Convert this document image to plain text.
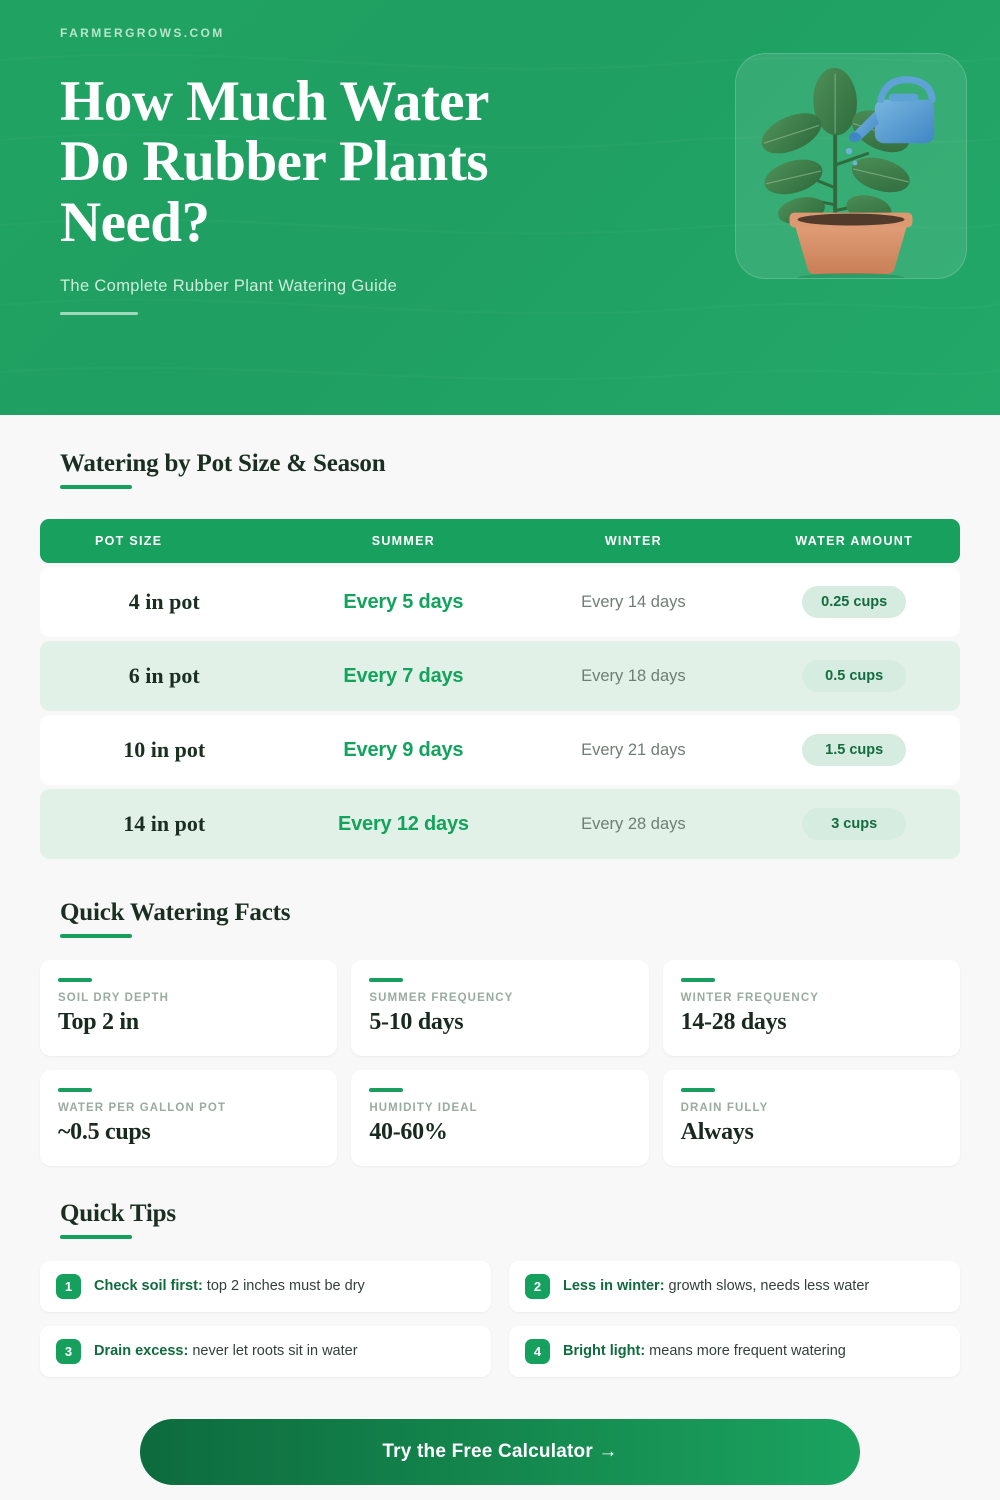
FARMERGROWS.COM
How Much Water
Do Rubber Plants
Need?
The Complete Rubber Plant Watering Guide
Watering by Pot Size & Season
POT SIZE	SUMMER	WINTER	WATER AMOUNT
4 in pot	Every 5 days	Every 14 days	0.25 cups
6 in pot	Every 7 days	Every 18 days	0.5 cups
10 in pot	Every 9 days	Every 21 days	1.5 cups
14 in pot	Every 12 days	Every 28 days	3 cups
Quick Watering Facts
SOIL DRY DEPTH
Top 2 in
SUMMER FREQUENCY
5-10 days
WINTER FREQUENCY
14-28 days
WATER PER GALLON POT
~0.5 cups
HUMIDITY IDEAL
40-60%
DRAIN FULLY
Always
Quick Tips
1	Check soil first: top 2 inches must be dry	2	Less in winter: growth slows, needs less water
3	Drain excess: never let roots sit in water	4	Bright light: means more frequent watering
Try the Free Calculator →
